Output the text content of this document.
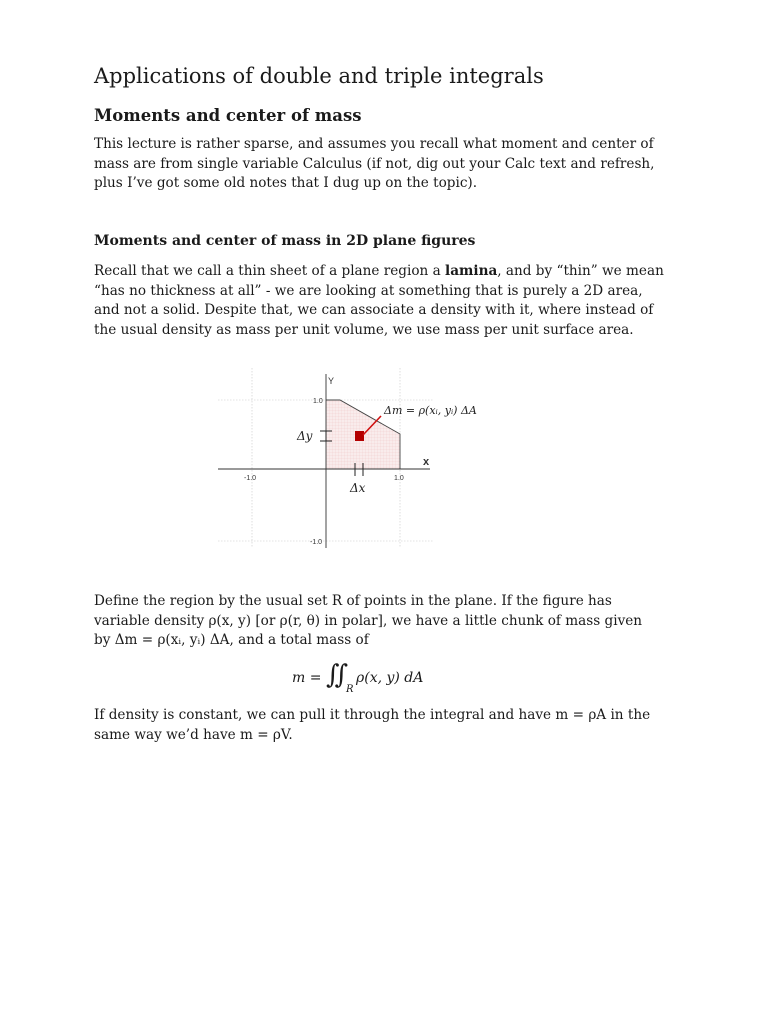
Applications of double and triple integrals
Moments and center of mass

This lecture is rather sparse, and assumes you recall what moment and center of
mass are from single variable Calculus (if not, dig out your Calc text and refresh,
plus I’ve got some old notes that I dug up on the topic).

Moments and center of mass in 2D plane figures

Recall that we call a thin sheet of a plane region a lamina, and by “thin” we mean
“has no thickness at all” - we are looking at something that is purely a 2D area,
and not a solid. Despite that, we can associate a density with it, where instead of
the usual density as mass per unit volume, we use mass per unit surface area.

Y
x
1.0
-1.0
-1.0	1.0
Δy
Δx
Δm = ρ(xᵢ, yᵢ) ΔA

Define the region by the usual set R of points in the plane. If the figure has
variable density ρ(x, y) [or ρ(r, θ) in polar], we have a little chunk of mass given
by Δm = ρ(xᵢ, yᵢ) ΔA, and a total mass of

m = ∬
R
ρ(x, y) dA

If density is constant, we can pull it through the integral and have m = ρA in the
same way we’d have m = ρV.
